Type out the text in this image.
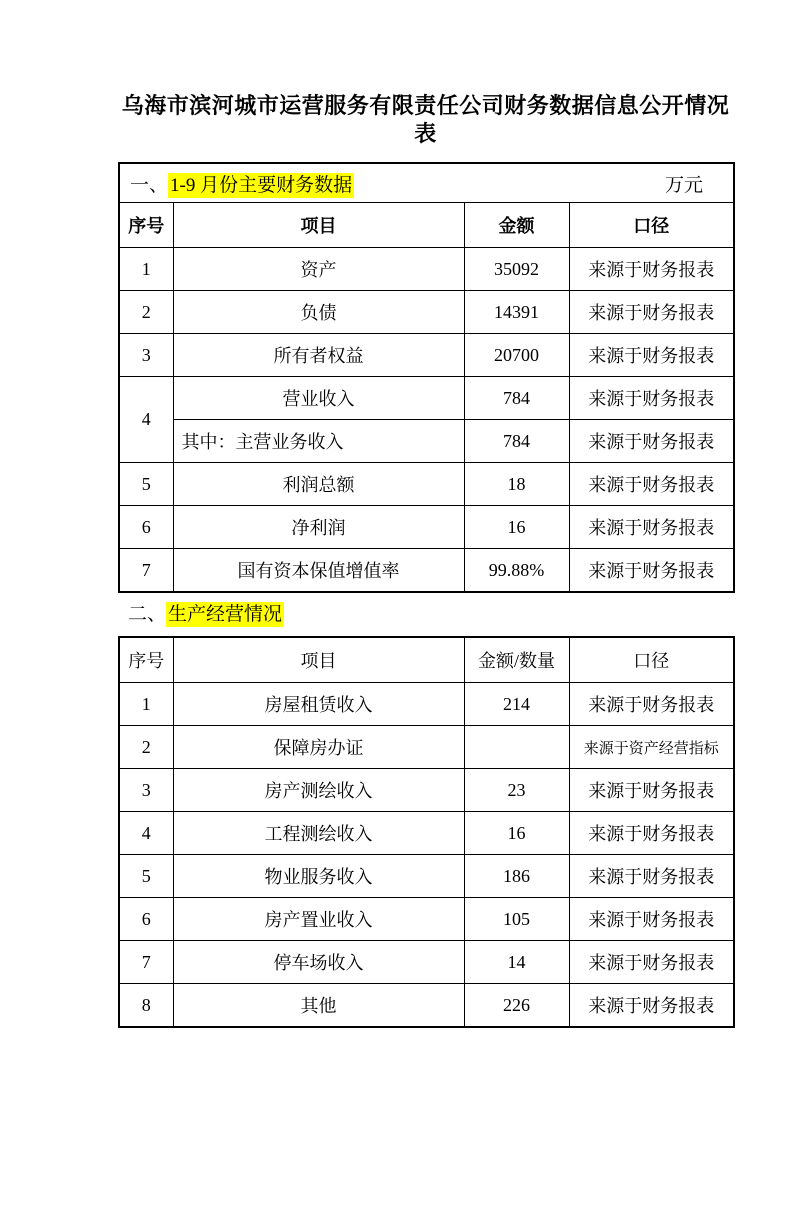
乌海市滨河城市运营服务有限责任公司财务数据信息公开情况表
万元
一、 1-9 月份主要财务数据			
序号	项目	金额	口径
1	资产	35092	来源于财务报表
2	负债	14391	来源于财务报表
3	所有者权益	20700	来源于财务报表
4	营业收入	784	来源于财务报表
	其中：主营业务收入	784	来源于财务报表
5	利润总额	18	来源于财务报表
6	净利润	16	来源于财务报表
7	国有资本保值增值率	99.88%	来源于财务报表
二、 生产经营情况
序号	项目	金额/数量	口径
1	房屋租赁收入	214	来源于财务报表
2	保障房办证		来源于资产经营指标
3	房产测绘收入	23	来源于财务报表
4	工程测绘收入	16	来源于财务报表
5	物业服务收入	186	来源于财务报表
6	房产置业收入	105	来源于财务报表
7	停车场收入	14	来源于财务报表
8	其他	226	来源于财务报表
